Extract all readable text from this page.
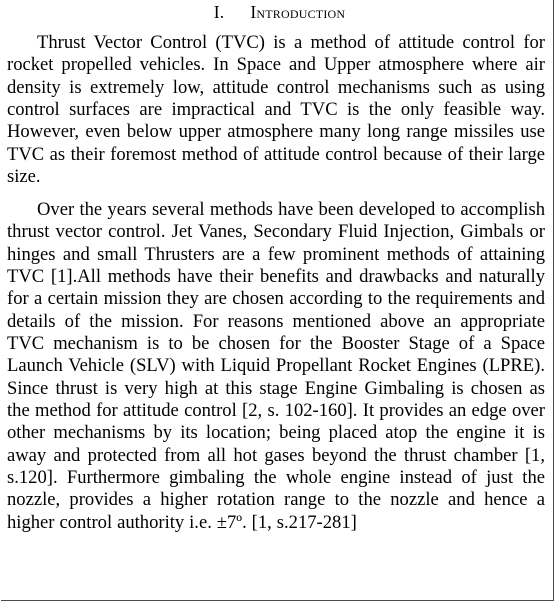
I. Introduction

Thrust Vector Control (TVC) is a method of attitude control for rocket propelled vehicles. In Space and Upper atmosphere where air density is extremely low, attitude control mechanisms such as using control surfaces are impractical and TVC is the only feasible way. However, even below upper atmosphere many long range missiles use TVC as their foremost method of attitude control because of their large size.

Over the years several methods have been developed to accomplish thrust vector control. Jet Vanes, Secondary Fluid Injection, Gimbals or hinges and small Thrusters are a few prominent methods of attaining TVC [1].All methods have their benefits and drawbacks and naturally for a certain mission they are chosen according to the requirements and details of the mission. For reasons mentioned above an appropriate TVC mechanism is to be chosen for the Booster Stage of a Space Launch Vehicle (SLV) with Liquid Propellant Rocket Engines (LPRE). Since thrust is very high at this stage Engine Gimbaling is chosen as the method for attitude control [2, s. 102-160]. It provides an edge over other mechanisms by its location; being placed atop the engine it is away and protected from all hot gases beyond the thrust chamber [1, s.120]. Furthermore gimbaling the whole engine instead of just the nozzle, provides a higher rotation range to the nozzle and hence a higher control authority i.e. ±7º. [1, s.217-281]
